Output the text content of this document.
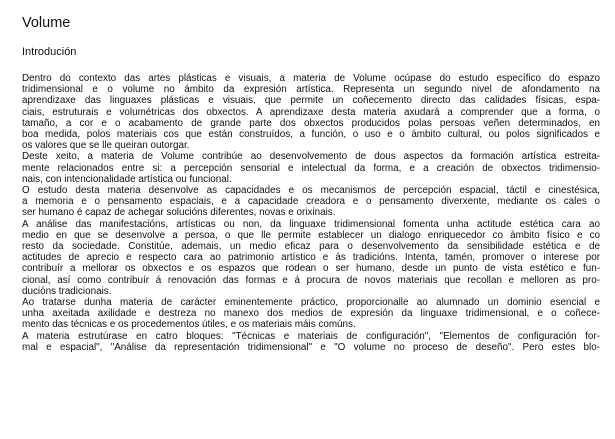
Volume
Introdución

Dentro do contexto das artes plásticas e visuais, a materia de Volume ocúpase do estudo específico do espazo
tridimensional e o volume no ámbito da expresión artística. Representa un segundo nivel de afondamento na
aprendizaxe das linguaxes plásticas e visuais, que permite un coñecemento directo das calidades físicas, espa-
ciais, estruturais e volumétricas dos obxectos. A aprendizaxe desta materia axudará a comprender que a forma, o
tamaño, a cor e o acabamento de grande parte dos obxectos producidos polas persoas veñen determinados, en
boa medida, polos materiais cos que están construídos, a función, o uso e o ámbito cultural, ou polos significados e
os valores que se lle queiran outorgar.

Deste xeito, a materia de Volume contribúe ao desenvolvemento de dous aspectos da formación artística estreita-
mente relacionados entre si: a percepción sensorial e intelectual da forma, e a creación de obxectos tridimensio-
nais, con intencionalidade artística ou funcional.

O estudo desta materia desenvolve as capacidades e os mecanismos de percepción espacial, táctil e cinestésica,
a memoria e o pensamento espaciais, e a capacidade creadora e o pensamento diverxente, mediante os cales o
ser humano é capaz de achegar solucións diferentes, novas e orixinais.

A análise das manifestacións, artísticas ou non, da linguaxe tridimensional fomenta unha actitude estética cara ao
medio en que se desenvolve a persoa, o que lle permite establecer un dialogo enriquecedor co ámbito físico e co
resto da sociedade. Constitúe, ademais, un medio eficaz para o desenvolvemento da sensibilidade estética e de
actitudes de aprecio e respecto cara ao patrimonio artístico e ás tradicións. Intenta, tamén, promover o interese por
contribuír a mellorar os obxectos e os espazos que rodean o ser humano, desde un punto de vista estético e fun-
cional, así como contribuír á renovación das formas e á procura de novos materiais que recollan e melloren as pro-
ducións tradicionais.

Ao tratarse dunha materia de carácter eminentemente práctico, proporcionalle ao alumnado un dominio esencial e
unha axeitada axilidade e destreza no manexo dos medios de expresión da linguaxe tridimensional, e o coñece-
mento das técnicas e os procedementos útiles, e os materiais máis comúns.

A materia estrutúrase en catro bloques: "Técnicas e materiais de configuración", "Elementos de configuración for-
mal e espacial", "Análise da representación tridimensional" e "O volume no proceso de deseño". Pero estes blo-
